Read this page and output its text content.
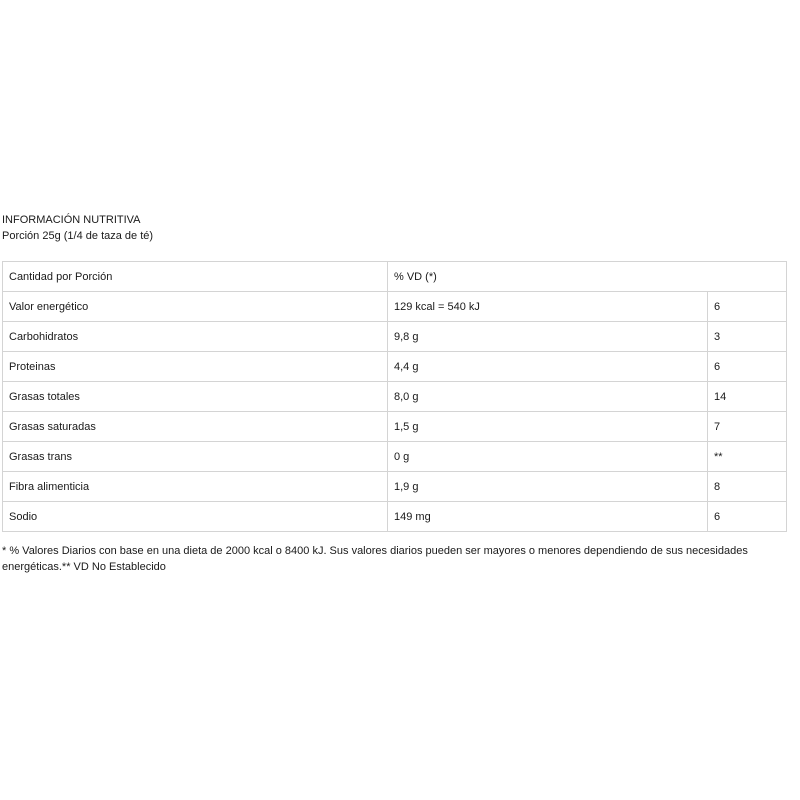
INFORMACIÓN NUTRITIVA
Porción 25g (1/4 de taza de té)
Cantidad por Porción	% VD (*)	
Valor energético	129 kcal = 540 kJ	6
Carbohidratos	9,8 g	3
Proteinas	4,4 g	6
Grasas totales	8,0 g	14
Grasas saturadas	1,5 g	7
Grasas trans	0 g	**
Fibra alimenticia	1,9 g	8
Sodio	149 mg	6
* % Valores Diarios con base en una dieta de 2000 kcal o 8400 kJ. Sus valores diarios pueden ser mayores o menores dependiendo de sus necesidades energéticas.** VD No Establecido
